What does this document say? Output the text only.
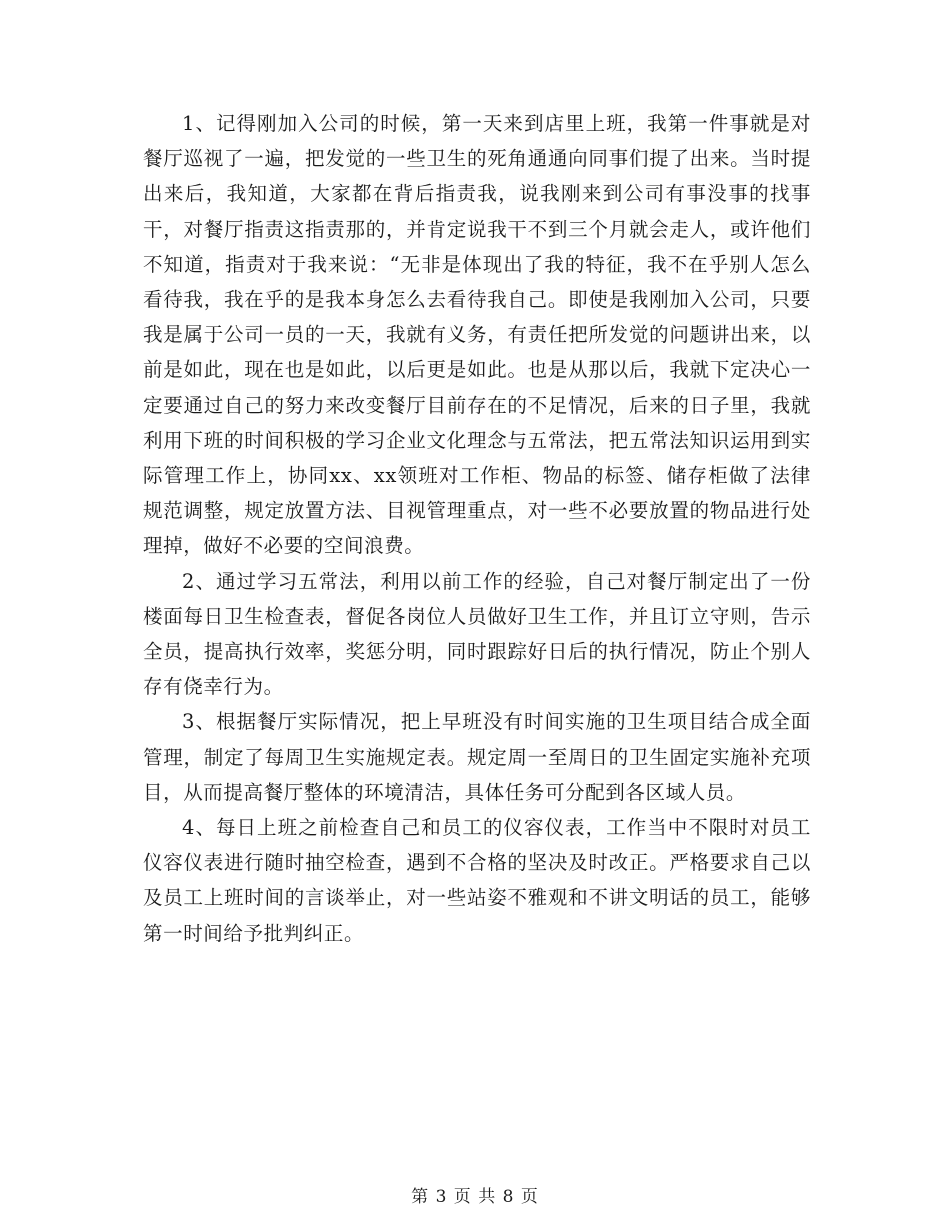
1、记得刚加入公司的时候，第一天来到店里上班，我第一件事就是对餐厅巡视了一遍，把发觉的一些卫生的死角通通向同事们提了出来。当时提出来后，我知道，大家都在背后指责我，说我刚来到公司有事没事的找事干，对餐厅指责这指责那的，并肯定说我干不到三个月就会走人，或许他们不知道，指责对于我来说：“无非是体现出了我的特征，我不在乎别人怎么看待我，我在乎的是我本身怎么去看待我自己。即使是我刚加入公司，只要我是属于公司一员的一天，我就有义务，有责任把所发觉的问题讲出来，以前是如此，现在也是如此，以后更是如此。也是从那以后，我就下定决心一定要通过自己的努力来改变餐厅目前存在的不足情况，后来的日子里，我就利用下班的时间积极的学习企业文化理念与五常法，把五常法知识运用到实际管理工作上，协同xx、xx领班对工作柜、物品的标签、储存柜做了法律规范调整，规定放置方法、目视管理重点，对一些不必要放置的物品进行处理掉，做好不必要的空间浪费。

2、通过学习五常法，利用以前工作的经验，自己对餐厅制定出了一份楼面每日卫生检查表，督促各岗位人员做好卫生工作，并且订立守则，告示全员，提高执行效率，奖惩分明，同时跟踪好日后的执行情况，防止个别人存有侥幸行为。

3、根据餐厅实际情况，把上早班没有时间实施的卫生项目结合成全面管理，制定了每周卫生实施规定表。规定周一至周日的卫生固定实施补充项目，从而提高餐厅整体的环境清洁，具体任务可分配到各区域人员。

4、每日上班之前检查自己和员工的仪容仪表，工作当中不限时对员工仪容仪表进行随时抽空检查，遇到不合格的坚决及时改正。严格要求自己以及员工上班时间的言谈举止，对一些站姿不雅观和不讲文明话的员工，能够第一时间给予批判纠正。

第 3 页 共 8 页
